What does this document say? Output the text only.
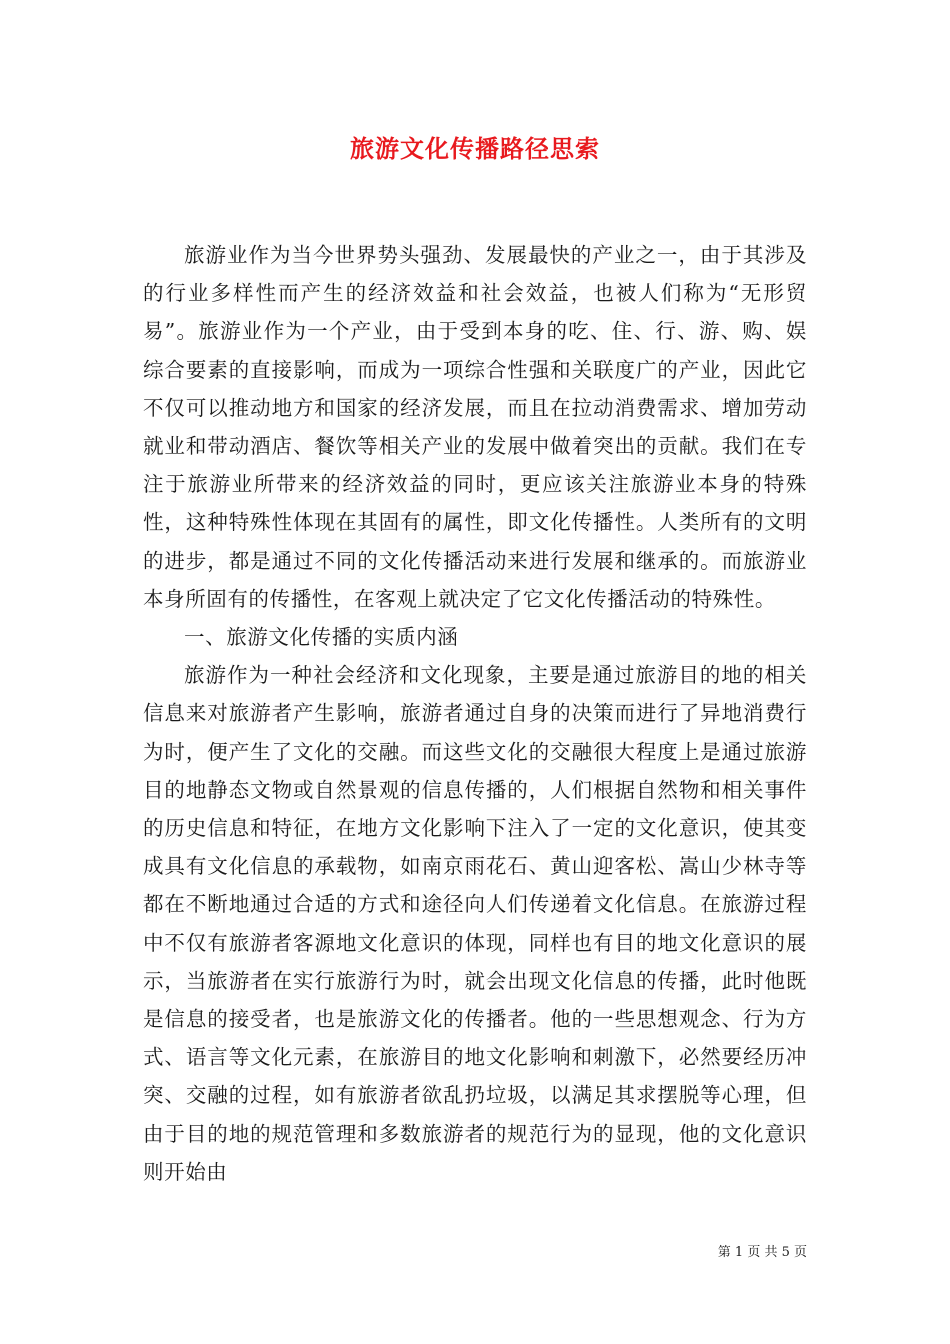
旅游文化传播路径思索

旅游业作为当今世界势头强劲、发展最快的产业之一，由于其涉及的行业多样性而产生的经济效益和社会效益，也被人们称为“无形贸易”。旅游业作为一个产业，由于受到本身的吃、住、行、游、购、娱综合要素的直接影响，而成为一项综合性强和关联度广的产业，因此它不仅可以推动地方和国家的经济发展，而且在拉动消费需求、增加劳动就业和带动酒店、餐饮等相关产业的发展中做着突出的贡献。我们在专注于旅游业所带来的经济效益的同时，更应该关注旅游业本身的特殊性，这种特殊性体现在其固有的属性，即文化传播性。人类所有的文明的进步，都是通过不同的文化传播活动来进行发展和继承的。而旅游业本身所固有的传播性，在客观上就决定了它文化传播活动的特殊性。

一、旅游文化传播的实质内涵

旅游作为一种社会经济和文化现象，主要是通过旅游目的地的相关信息来对旅游者产生影响，旅游者通过自身的决策而进行了异地消费行为时，便产生了文化的交融。而这些文化的交融很大程度上是通过旅游目的地静态文物或自然景观的信息传播的，人们根据自然物和相关事件的历史信息和特征，在地方文化影响下注入了一定的文化意识，使其变成具有文化信息的承载物，如南京雨花石、黄山迎客松、嵩山少林寺等都在不断地通过合适的方式和途径向人们传递着文化信息。在旅游过程中不仅有旅游者客源地文化意识的体现，同样也有目的地文化意识的展示，当旅游者在实行旅游行为时，就会出现文化信息的传播，此时他既是信息的接受者，也是旅游文化的传播者。他的一些思想观念、行为方式、语言等文化元素，在旅游目的地文化影响和刺激下，必然要经历冲突、交融的过程，如有旅游者欲乱扔垃圾，以满足其求摆脱等心理，但由于目的地的规范管理和多数旅游者的规范行为的显现，他的文化意识则开始由

第 1 页 共 5 页
